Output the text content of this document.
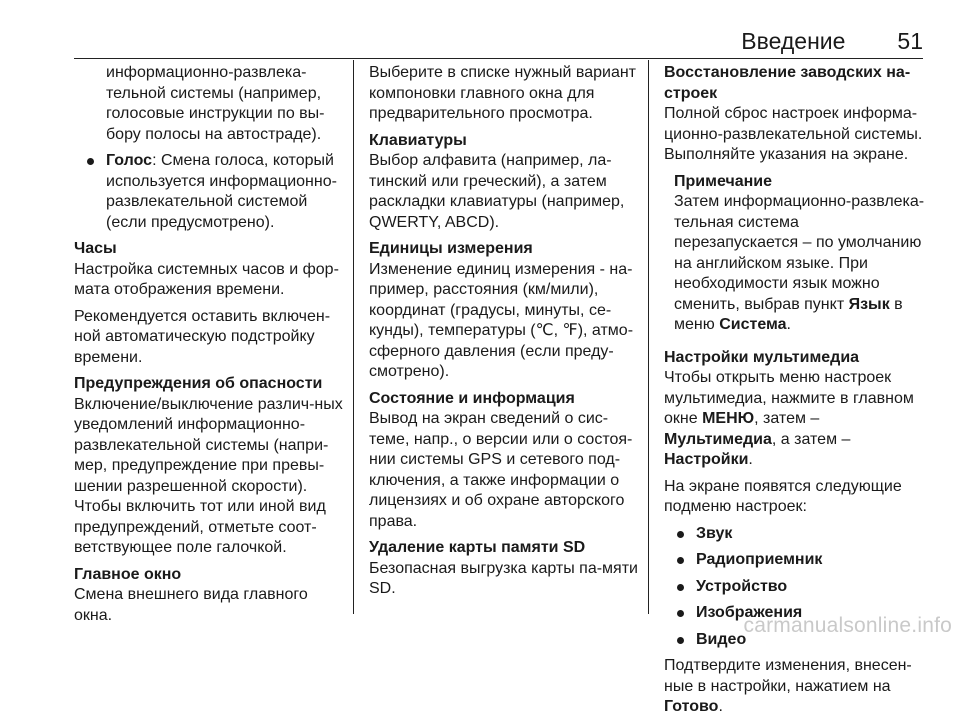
Введение 51

информационно-развлека-тельной системы (например, голосовые инструкции по вы-бору полосы на автостраде).

Голос: Смена голоса, который используется информационно-развлекательной системой (если предусмотрено).

Часы

Настройка системных часов и фор-мата отображения времени.

Рекомендуется оставить включен-ной автоматическую подстройку времени.

Предупреждения об опасности

Включение/выключение различ-ных уведомлений информационно-развлекательной системы (напри-мер, предупреждение при превы-шении разрешенной скорости). Чтобы включить тот или иной вид предупреждений, отметьте соот-ветствующее поле галочкой.

Главное окно

Смена внешнего вида главного окна.

Выберите в списке нужный вариант компоновки главного окна для предварительного просмотра.

Клавиатуры

Выбор алфавита (например, ла-тинский или греческий), а затем раскладки клавиатуры (например, QWERTY, ABCD).

Единицы измерения

Изменение единиц измерения - на-пример, расстояния (км/мили), координат (градусы, минуты, се-кунды), температуры (℃, ℉), атмо-сферного давления (если преду-смотрено).

Состояние и информация

Вывод на экран сведений о сис-теме, напр., о версии или о состоя-нии системы GPS и сетевого под-ключения, а также информации о лицензиях и об охране авторского права.

Удаление карты памяти SD

Безопасная выгрузка карты па-мяти SD.

Восстановление заводских на-строек

Полной сброс настроек информа-ционно-развлекательной системы. Выполняйте указания на экране.

Примечание

Затем информационно-развлека-тельная система перезапускается – по умолчанию на английском языке. При необходимости язык можно сменить, выбрав пункт Язык в меню Система.

Настройки мультимедиа

Чтобы открыть меню настроек мультимедиа, нажмите в главном окне МЕНЮ, затем – Мультимедиа, а затем – Настройки.

На экране появятся следующие подменю настроек:

Звук
Радиоприемник
Устройство
Изображения
Видео

Подтвердите изменения, внесен-ные в настройки, нажатием на Готово.

carmanualsonline.info
